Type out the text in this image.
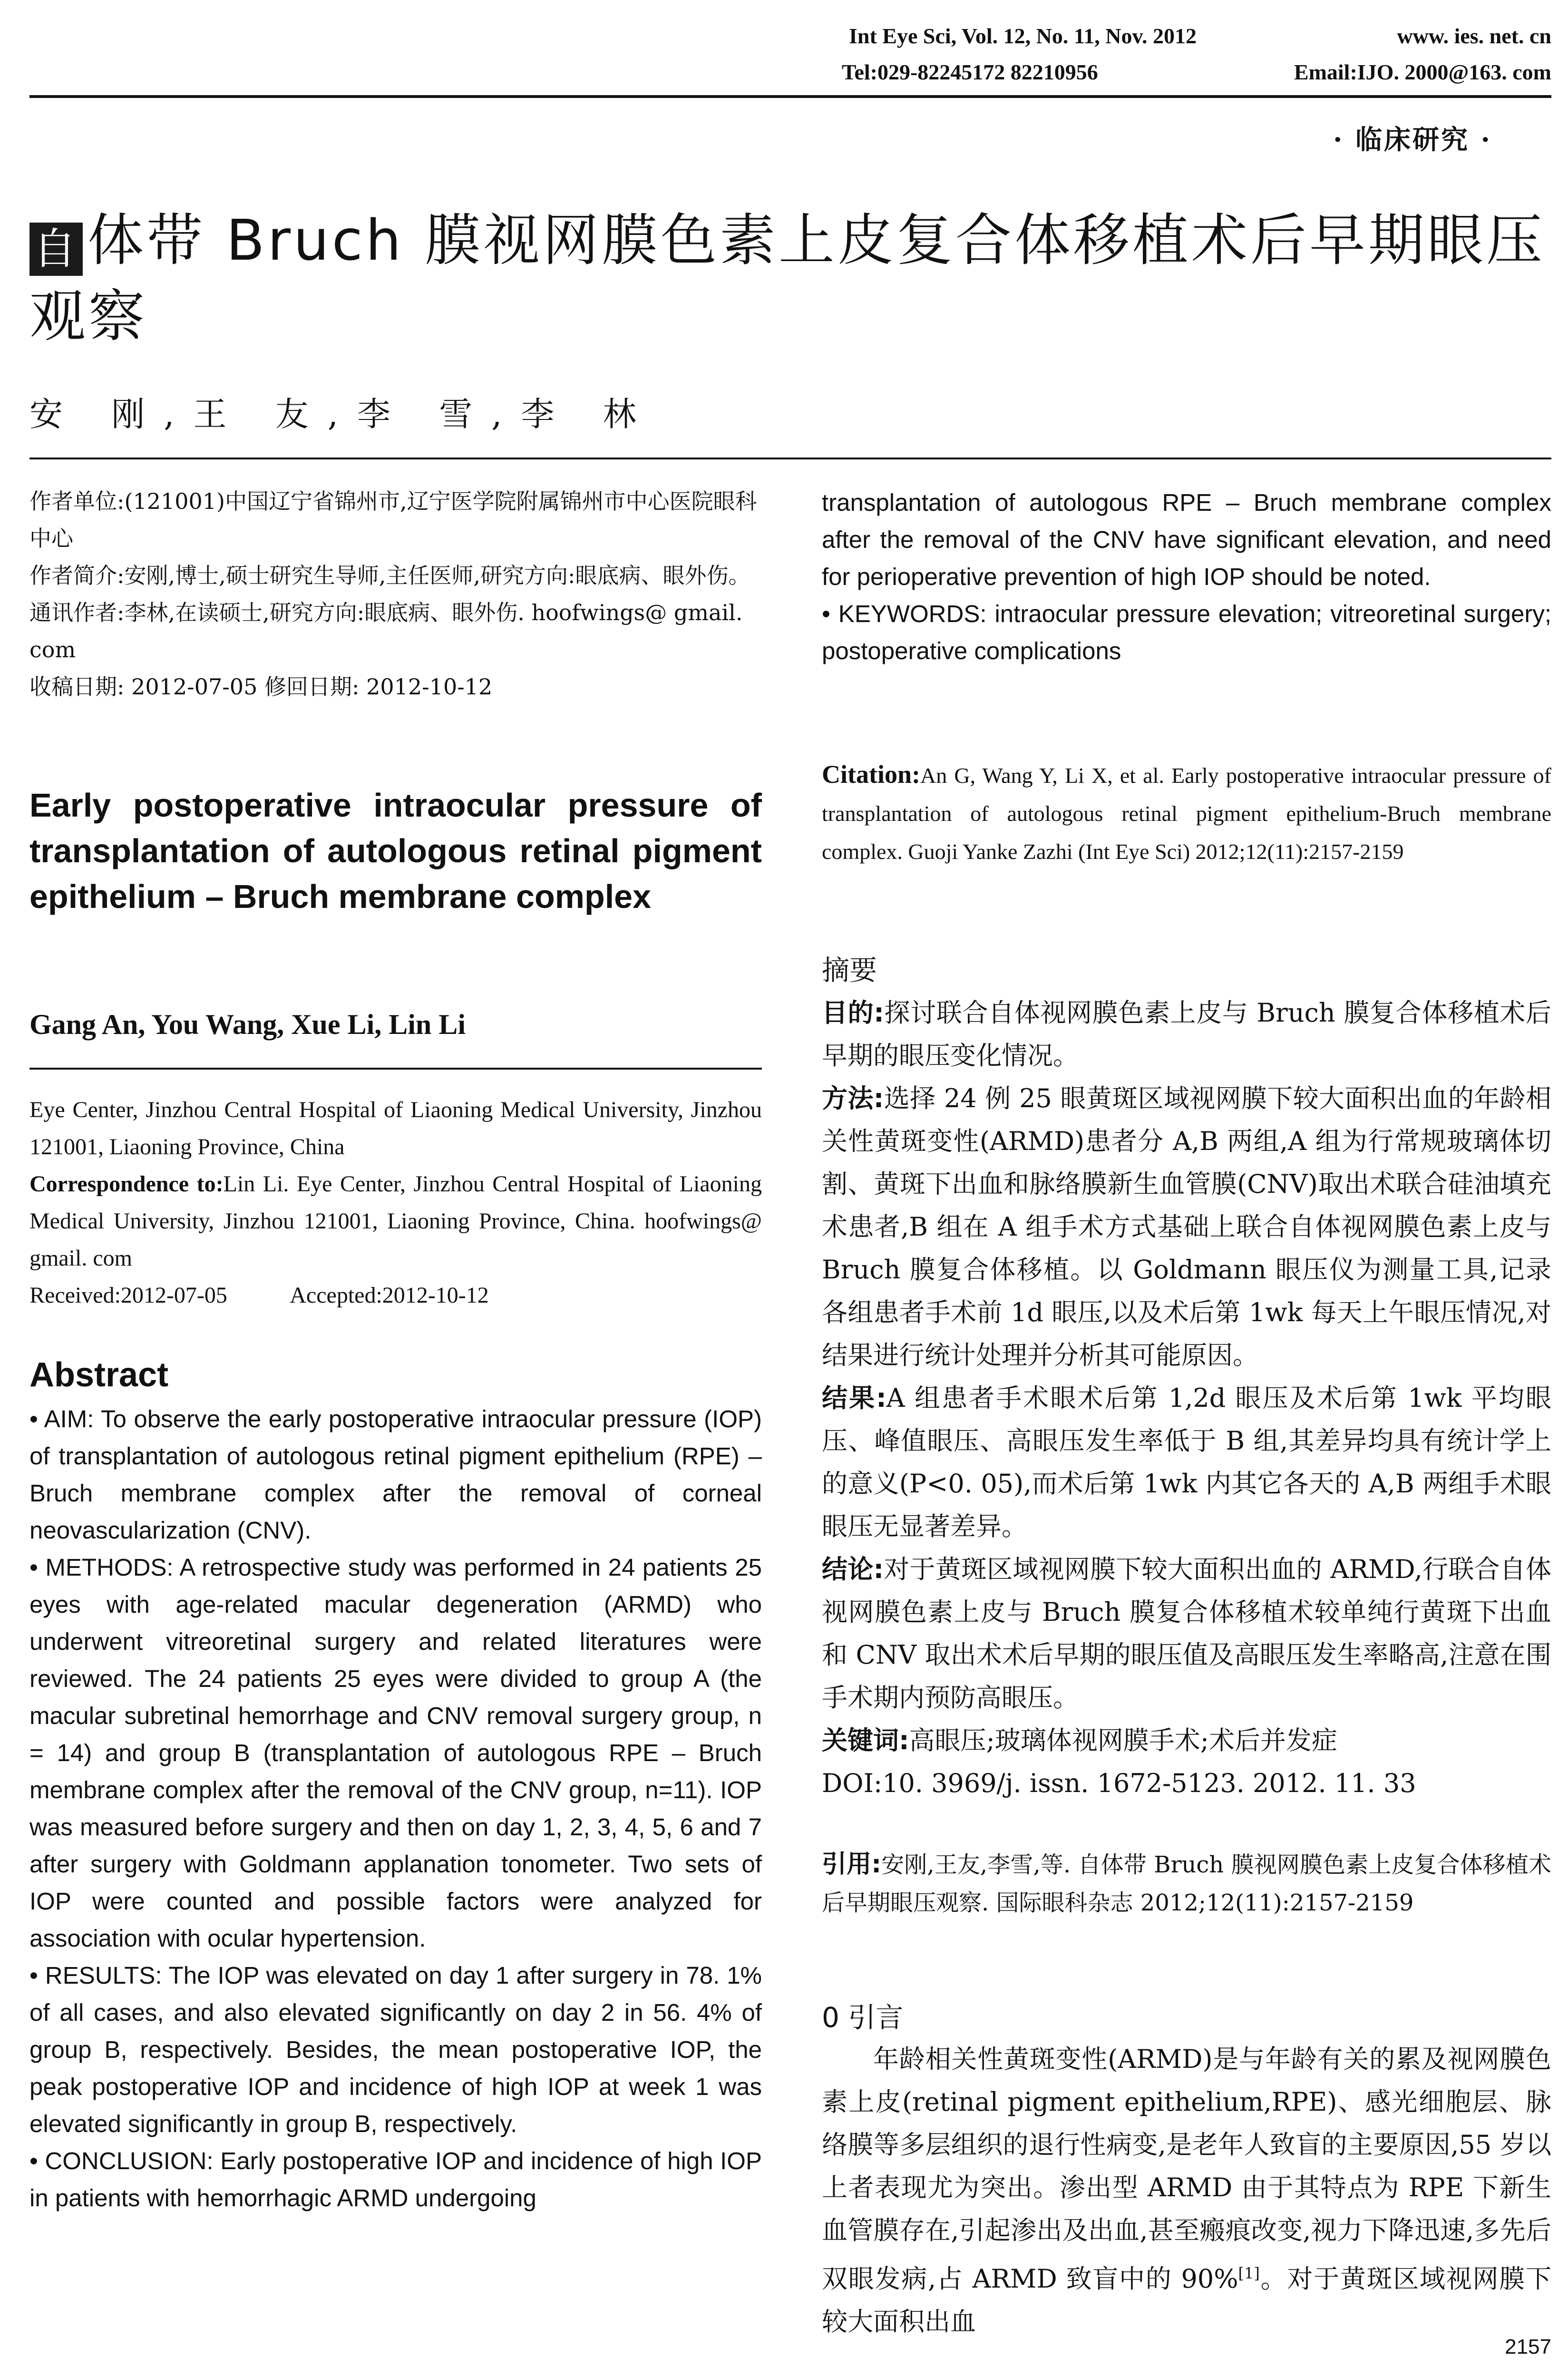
Int Eye Sci, Vol. 12, No. 11, Nov. 2012	www. ies. net. cn
Tel:029-82245172 82210956	Email:IJO. 2000@163. com
· 临床研究 ·
自 体带 Bruch 膜视网膜色素上皮复合体移植术后早期眼压观察
安 刚,王 友,李 雪,李 林
作者单位:(121001)中国辽宁省锦州市,辽宁医学院附属锦州市中心医院眼科中心
作者简介:安刚,博士,硕士研究生导师,主任医师,研究方向:眼底病、眼外伤。
通讯作者:李林,在读硕士,研究方向:眼底病、眼外伤. hoofwings@ gmail. com
收稿日期: 2012-07-05 修回日期: 2012-10-12
Early postoperative intraocular pressure of transplantation of autologous retinal pigment epithelium – Bruch membrane complex
Gang An, You Wang, Xue Li, Lin Li
Eye Center, Jinzhou Central Hospital of Liaoning Medical University, Jinzhou 121001, Liaoning Province, China
Correspondence to:Lin Li. Eye Center, Jinzhou Central Hospital of Liaoning Medical University, Jinzhou 121001, Liaoning Province, China. hoofwings@ gmail. com
Received:2012-07-05	Accepted:2012-10-12
Abstract

• AIM: To observe the early postoperative intraocular pressure (IOP) of transplantation of autologous retinal pigment epithelium (RPE) – Bruch membrane complex after the removal of corneal neovascularization (CNV).

• METHODS: A retrospective study was performed in 24 patients 25 eyes with age-related macular degeneration (ARMD) who underwent vitreoretinal surgery and related literatures were reviewed. The 24 patients 25 eyes were divided to group A (the macular subretinal hemorrhage and CNV removal surgery group, n = 14) and group B (transplantation of autologous RPE – Bruch membrane complex after the removal of the CNV group, n=11). IOP was measured before surgery and then on day 1, 2, 3, 4, 5, 6 and 7 after surgery with Goldmann applanation tonometer. Two sets of IOP were counted and possible factors were analyzed for association with ocular hypertension.

• RESULTS: The IOP was elevated on day 1 after surgery in 78. 1% of all cases, and also elevated significantly on day 2 in 56. 4% of group B, respectively. Besides, the mean postoperative IOP, the peak postoperative IOP and incidence of high IOP at week 1 was elevated significantly in group B, respectively.

• CONCLUSION: Early postoperative IOP and incidence of high IOP in patients with hemorrhagic ARMD undergoing

transplantation of autologous RPE – Bruch membrane complex after the removal of the CNV have significant elevation, and need for perioperative prevention of high IOP should be noted.

• KEYWORDS: intraocular pressure elevation; vitreoretinal surgery; postoperative complications

Citation:An G, Wang Y, Li X, et al. Early postoperative intraocular pressure of transplantation of autologous retinal pigment epithelium-Bruch membrane complex. Guoji Yanke Zazhi (Int Eye Sci) 2012;12(11):2157-2159

摘要

目的:探讨联合自体视网膜色素上皮与 Bruch 膜复合体移植术后早期的眼压变化情况。

方法:选择 24 例 25 眼黄斑区域视网膜下较大面积出血的年龄相关性黄斑变性(ARMD)患者分 A,B 两组,A 组为行常规玻璃体切割、黄斑下出血和脉络膜新生血管膜(CNV)取出术联合硅油填充术患者,B 组在 A 组手术方式基础上联合自体视网膜色素上皮与 Bruch 膜复合体移植。以 Goldmann 眼压仪为测量工具,记录各组患者手术前 1d 眼压,以及术后第 1wk 每天上午眼压情况,对结果进行统计处理并分析其可能原因。

结果:A 组患者手术眼术后第 1,2d 眼压及术后第 1wk 平均眼压、峰值眼压、高眼压发生率低于 B 组,其差异均具有统计学上的意义(P<0. 05),而术后第 1wk 内其它各天的 A,B 两组手术眼眼压无显著差异。

结论:对于黄斑区域视网膜下较大面积出血的 ARMD,行联合自体视网膜色素上皮与 Bruch 膜复合体移植术较单纯行黄斑下出血和 CNV 取出术术后早期的眼压值及高眼压发生率略高,注意在围手术期内预防高眼压。

关键词:高眼压;玻璃体视网膜手术;术后并发症

DOI:10. 3969/j. issn. 1672-5123. 2012. 11. 33

引用:安刚,王友,李雪,等. 自体带 Bruch 膜视网膜色素上皮复合体移植术后早期眼压观察. 国际眼科杂志 2012;12(11):2157-2159
0 引言
年龄相关性黄斑变性(ARMD)是与年龄有关的累及视网膜色素上皮(retinal pigment epithelium,RPE)、感光细胞层、脉络膜等多层组织的退行性病变,是老年人致盲的主要原因,55 岁以上者表现尤为突出。渗出型 ARMD 由于其特点为 RPE 下新生血管膜存在,引起渗出及出血,甚至瘢痕改变,视力下降迅速,多先后双眼发病,占 ARMD 致盲中的 90%[1]。对于黄斑区域视网膜下较大面积出血
2157
